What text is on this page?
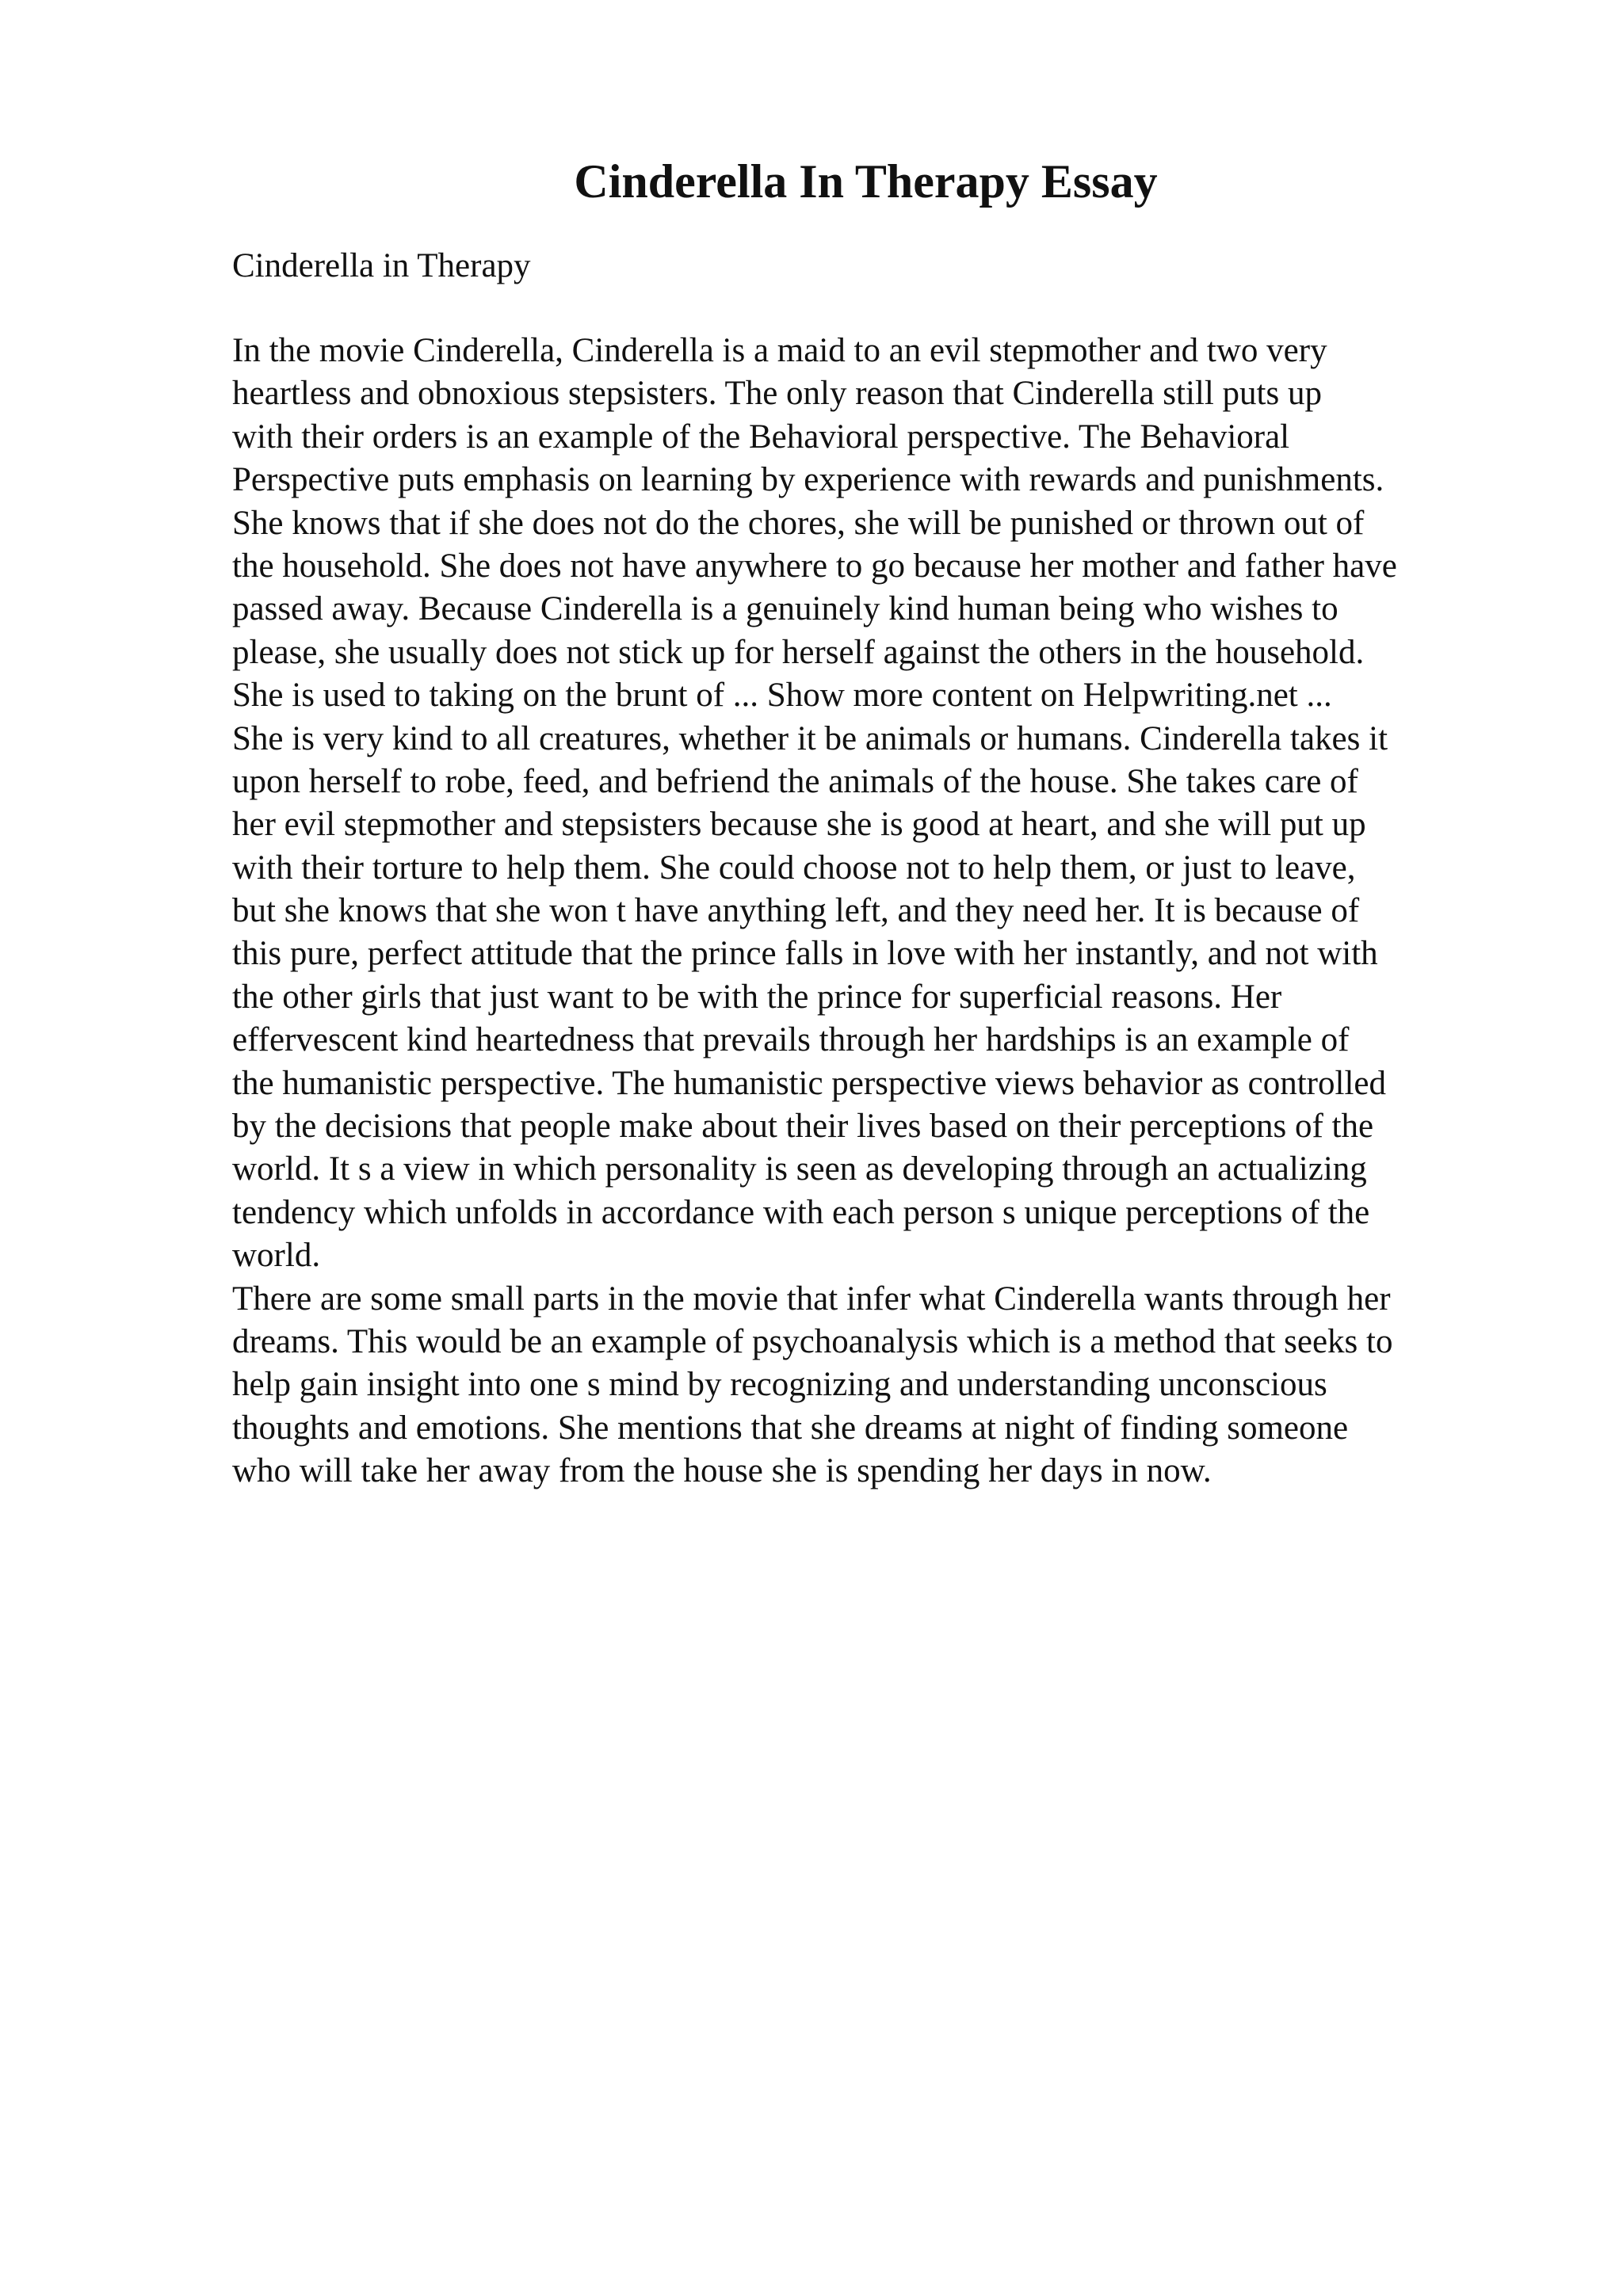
Cinderella In Therapy Essay

Cinderella in Therapy

In the movie Cinderella, Cinderella is a maid to an evil stepmother and two very
heartless and obnoxious stepsisters. The only reason that Cinderella still puts up
with their orders is an example of the Behavioral perspective. The Behavioral
Perspective puts emphasis on learning by experience with rewards and punishments.
She knows that if she does not do the chores, she will be punished or thrown out of
the household. She does not have anywhere to go because her mother and father have
passed away. Because Cinderella is a genuinely kind human being who wishes to
please, she usually does not stick up for herself against the others in the household.
She is used to taking on the brunt of ... Show more content on Helpwriting.net ...
She is very kind to all creatures, whether it be animals or humans. Cinderella takes it
upon herself to robe, feed, and befriend the animals of the house. She takes care of
her evil stepmother and stepsisters because she is good at heart, and she will put up
with their torture to help them. She could choose not to help them, or just to leave,
but she knows that she won t have anything left, and they need her. It is because of
this pure, perfect attitude that the prince falls in love with her instantly, and not with
the other girls that just want to be with the prince for superficial reasons. Her
effervescent kind heartedness that prevails through her hardships is an example of
the humanistic perspective. The humanistic perspective views behavior as controlled
by the decisions that people make about their lives based on their perceptions of the
world. It s a view in which personality is seen as developing through an actualizing
tendency which unfolds in accordance with each person s unique perceptions of the
world.
There are some small parts in the movie that infer what Cinderella wants through her
dreams. This would be an example of psychoanalysis which is a method that seeks to
help gain insight into one s mind by recognizing and understanding unconscious
thoughts and emotions. She mentions that she dreams at night of finding someone
who will take her away from the house she is spending her days in now.
